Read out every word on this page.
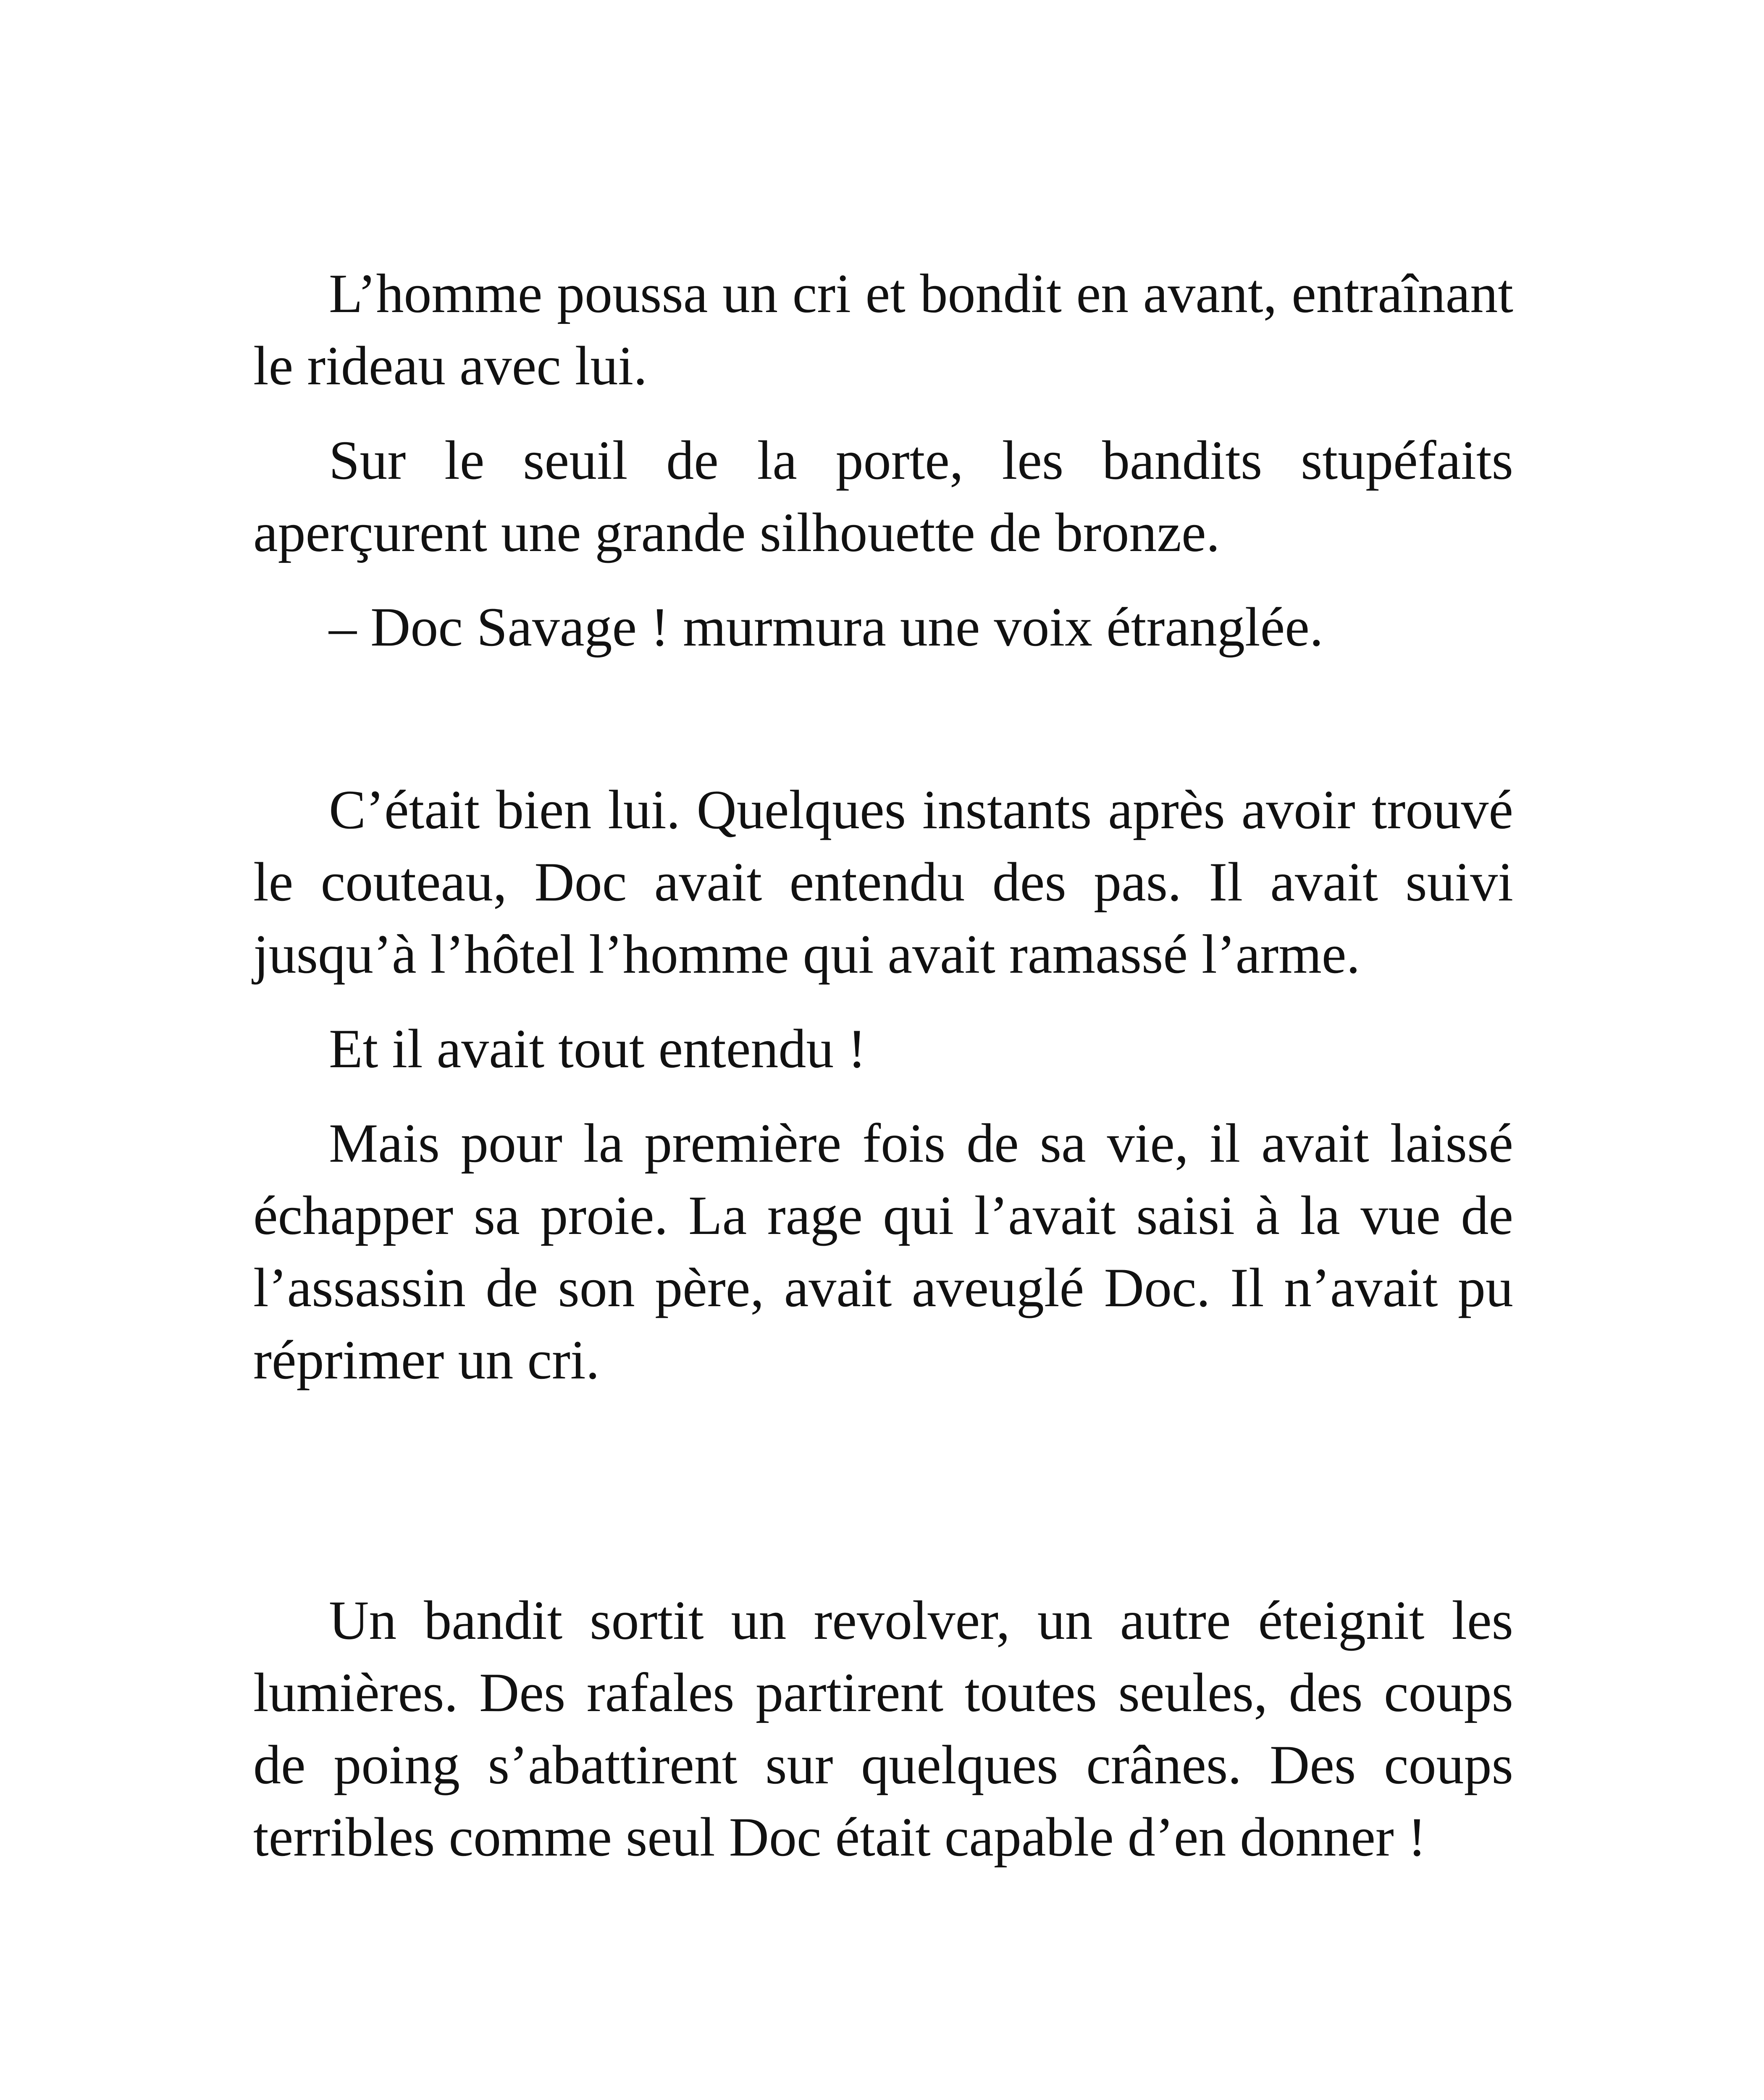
L’homme poussa un cri et bondit en avant, entraînant le rideau avec lui.

Sur le seuil de la porte, les bandits stupéfaits aperçurent une grande silhouette de bronze.

– Doc Savage ! murmura une voix étranglée.

C’était bien lui. Quelques instants après avoir trouvé le couteau, Doc avait entendu des pas. Il avait suivi jusqu’à l’hôtel l’homme qui avait ramassé l’arme.

Et il avait tout entendu !

Mais pour la première fois de sa vie, il avait laissé échapper sa proie. La rage qui l’avait saisi à la vue de l’assassin de son père, avait aveuglé Doc. Il n’avait pu réprimer un cri.

Un bandit sortit un revolver, un autre éteignit les lumières. Des rafales partirent toutes seules, des coups de poing s’abattirent sur quelques crânes. Des coups terribles comme seul Doc était capable d’en donner !
